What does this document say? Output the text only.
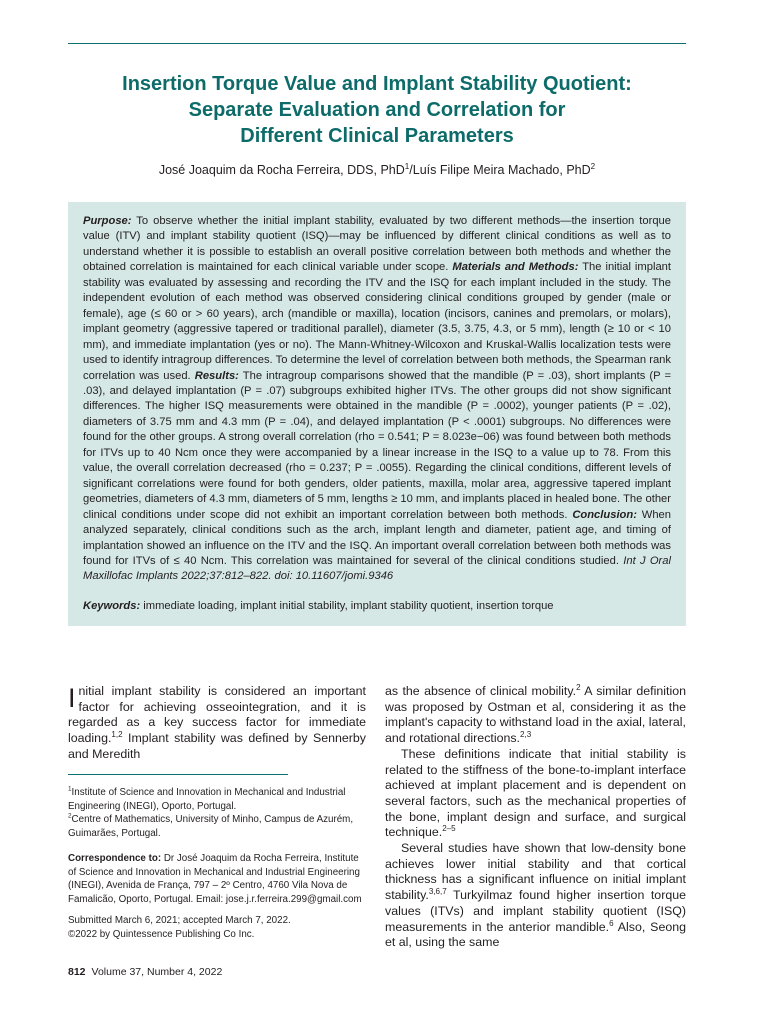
Insertion Torque Value and Implant Stability Quotient:
Separate Evaluation and Correlation for
Different Clinical Parameters
José Joaquim da Rocha Ferreira, DDS, PhD$^1$/Luís Filipe Meira Machado, PhD$^2$

Purpose: To observe whether the initial implant stability, evaluated by two different methods—the insertion torque value (ITV) and implant stability quotient (ISQ)—may be influenced by different clinical conditions as well as to understand whether it is possible to establish an overall positive correlation between both methods and whether the obtained correlation is maintained for each clinical variable under scope. Materials and Methods: The initial implant stability was evaluated by assessing and recording the ITV and the ISQ for each implant included in the study. The independent evolution of each method was observed considering clinical conditions grouped by gender (male or female), age (≤ 60 or > 60 years), arch (mandible or maxilla), location (incisors, canines and premolars, or molars), implant geometry (aggressive tapered or traditional parallel), diameter (3.5, 3.75, 4.3, or 5 mm), length (≥ 10 or < 10 mm), and immediate implantation (yes or no). The Mann-Whitney-Wilcoxon and Kruskal-Wallis localization tests were used to identify intragroup differences. To determine the level of correlation between both methods, the Spearman rank correlation was used. Results: The intragroup comparisons showed that the mandible (P = .03), short implants (P = .03), and delayed implantation (P = .07) subgroups exhibited higher ITVs. The other groups did not show significant differences. The higher ISQ measurements were obtained in the mandible (P = .0002), younger patients (P = .02), diameters of 3.75 mm and 4.3 mm (P = .04), and delayed implantation (P < .0001) subgroups. No differences were found for the other groups. A strong overall correlation (rho = 0.541; P = 8.023e−06) was found between both methods for ITVs up to 40 Ncm once they were accompanied by a linear increase in the ISQ to a value up to 78. From this value, the overall correlation decreased (rho = 0.237; P = .0055). Regarding the clinical conditions, different levels of significant correlations were found for both genders, older patients, maxilla, molar area, aggressive tapered implant geometries, diameters of 4.3 mm, diameters of 5 mm, lengths ≥ 10 mm, and implants placed in healed bone. The other clinical conditions under scope did not exhibit an important correlation between both methods. Conclusion: When analyzed separately, clinical conditions such as the arch, implant length and diameter, patient age, and timing of implantation showed an influence on the ITV and the ISQ. An important overall correlation between both methods was found for ITVs of ≤ 40 Ncm. This correlation was maintained for several of the clinical conditions studied. Int J Oral Maxillofac Implants 2022;37:812–822. doi: 10.11607/jomi.9346

Keywords: immediate loading, implant initial stability, implant stability quotient, insertion torque

Initial implant stability is considered an important factor for achieving osseointegration, and it is regarded as a key success factor for immediate loading.$^{1,2}$ Implant stability was defined by Sennerby and Meredith

$^1$Institute of Science and Innovation in Mechanical and Industrial Engineering (INEGI), Oporto, Portugal.

$^2$Centre of Mathematics, University of Minho, Campus de Azurém, Guimarães, Portugal.

Correspondence to: Dr José Joaquim da Rocha Ferreira, Institute of Science and Innovation in Mechanical and Industrial Engineering (INEGI), Avenida de França, 797 – 2º Centro, 4760 Vila Nova de Famalicão, Oporto, Portugal. Email: jose.j.r.ferreira.299@gmail.com

Submitted March 6, 2021; accepted March 7, 2022.

©2022 by Quintessence Publishing Co Inc.

as the absence of clinical mobility.$^2$ A similar definition was proposed by Ostman et al, considering it as the implant's capacity to withstand load in the axial, lateral, and rotational directions.$^{2,3}$

These definitions indicate that initial stability is related to the stiffness of the bone-to-implant interface achieved at implant placement and is dependent on several factors, such as the mechanical properties of the bone, implant design and surface, and surgical technique.$^{2-5}$

Several studies have shown that low-density bone achieves lower initial stability and that cortical thickness has a significant influence on initial implant stability.$^{3,6,7}$ Turkyilmaz found higher insertion torque values (ITVs) and implant stability quotient (ISQ) measurements in the anterior mandible.$^6$ Also, Seong et al, using the same

812 Volume 37, Number 4, 2022
